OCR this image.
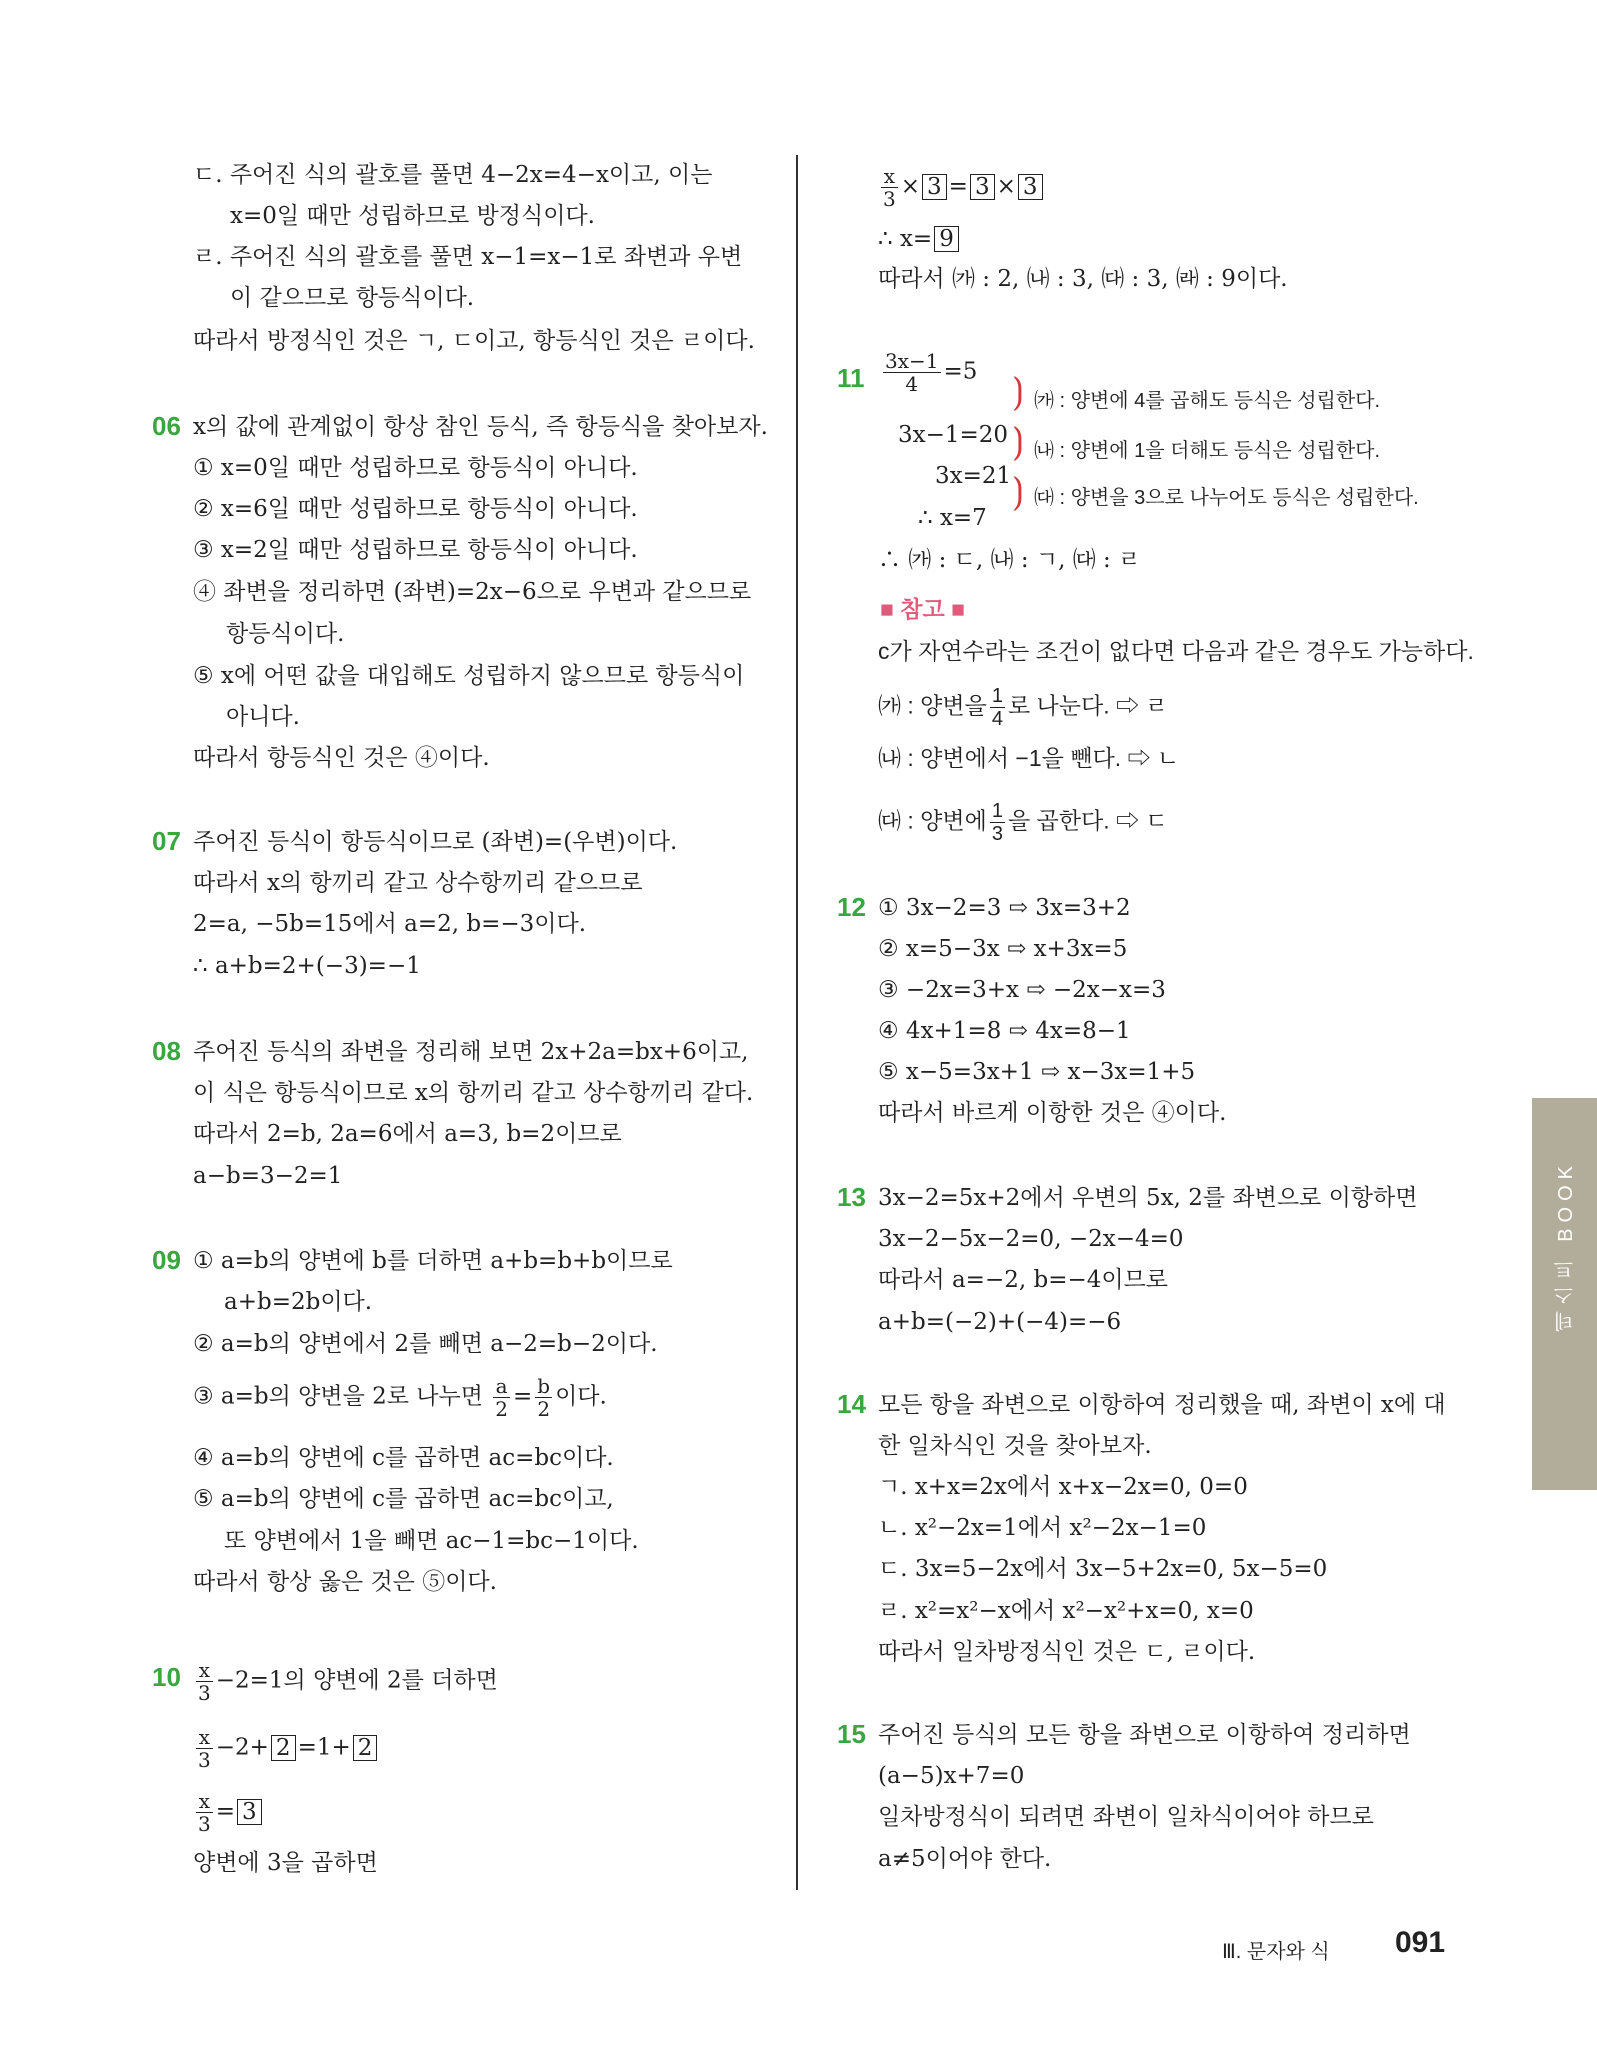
ㄷ. 주어진 식의 괄호를 풀면 4−2x=4−x이고, 이는
x=0일 때만 성립하므로 방정식이다.
ㄹ. 주어진 식의 괄호를 풀면 x−1=x−1로 좌변과 우변
이 같으므로 항등식이다.
따라서 방정식인 것은 ㄱ, ㄷ이고, 항등식인 것은 ㄹ이다.
06 x의 값에 관계없이 항상 참인 등식, 즉 항등식을 찾아보자.
① x=0일 때만 성립하므로 항등식이 아니다.
② x=6일 때만 성립하므로 항등식이 아니다.
③ x=2일 때만 성립하므로 항등식이 아니다.
④ 좌변을 정리하면 (좌변)=2x−6으로 우변과 같으므로
항등식이다.
⑤ x에 어떤 값을 대입해도 성립하지 않으므로 항등식이
아니다.
따라서 항등식인 것은 ④이다.
07 주어진 등식이 항등식이므로 (좌변)=(우변)이다.
따라서 x의 항끼리 같고 상수항끼리 같으므로
2=a, −5b=15에서 a=2, b=−3이다.
∴ a+b=2+(−3)=−1
08 주어진 등식의 좌변을 정리해 보면 2x+2a=bx+6이고,
이 식은 항등식이므로 x의 항끼리 같고 상수항끼리 같다.
따라서 2=b, 2a=6에서 a=3, b=2이므로
a−b=3−2=1
09 ① a=b의 양변에 b를 더하면 a+b=b+b이므로
a+b=2b이다.
② a=b의 양변에서 2를 빼면 a−2=b−2이다.
③ a=b의 양변을 2로 나누면 $\frac{a}{2} = \frac{b}{2}$ 이다.
④ a=b의 양변에 c를 곱하면 ac=bc이다.
⑤ a=b의 양변에 c를 곱하면 ac=bc이고,
또 양변에서 1을 빼면 ac−1=bc−1이다.
따라서 항상 옳은 것은 ⑤이다.
$10 \frac{x}{3} -2=1$의 양변에 2를 더하면
$\frac{x}{3} -2+ 2 =1+ 2$
$\frac{x}{3} = 3$
양변에 3을 곱하면
$\frac{x}{3} \times 3 = 3 \times 3$
∴ x= 9
따라서 ㈎ : 2, ㈏ : 3, ㈐ : 3, ㈑ : 9이다.
$11 \frac{3x-1}{4} =5$
3x−1=20
3x=21
∴ x=7
⟯
⟯
⟯
㈎ : 양변에 4를 곱해도 등식은 성립한다.
㈏ : 양변에 1을 더해도 등식은 성립한다.
㈐ : 양변을 3으로 나누어도 등식은 성립한다.
∴ ㈎ : ㄷ, ㈏ : ㄱ, ㈐ : ㄹ
■ 참고 ■
c가 자연수라는 조건이 없다면 다음과 같은 경우도 가능하다.
㈎ : 양변을 $\frac{1}{4}$ 로 나눈다. ⇨ ㄹ
㈏ : 양변에서 −1을 뺀다. ⇨ ㄴ
㈐ : 양변에 $\frac{1}{3}$ 을 곱한다. ⇨ ㄷ
12 ① 3x−2=3 ⇨ 3x=3+2
② x=5−3x ⇨ x+3x=5
③ −2x=3+x ⇨ −2x−x=3
④ 4x+1=8 ⇨ 4x=8−1
⑤ x−5=3x+1 ⇨ x−3x=1+5
따라서 바르게 이항한 것은 ④이다.
13 3x−2=5x+2에서 우변의 5x, 2를 좌변으로 이항하면
3x−2−5x−2=0, −2x−4=0
따라서 a=−2, b=−4이므로
a+b=(−2)+(−4)=−6
14 모든 항을 좌변으로 이항하여 정리했을 때, 좌변이 x에 대
한 일차식인 것을 찾아보자.
ㄱ. x+x=2x에서 x+x−2x=0, 0=0
ㄴ. x²−2x=1에서 x²−2x−1=0
ㄷ. 3x=5−2x에서 3x−5+2x=0, 5x−5=0
ㄹ. x²=x²−x에서 x²−x²+x=0, x=0
따라서 일차방정식인 것은 ㄷ, ㄹ이다.
15 주어진 등식의 모든 항을 좌변으로 이항하여 정리하면
(a−5)x+7=0
일차방정식이 되려면 좌변이 일차식이어야 하므로
a≠5이어야 한다.
테스트 BOOK
Ⅲ. 문자와 식 091
